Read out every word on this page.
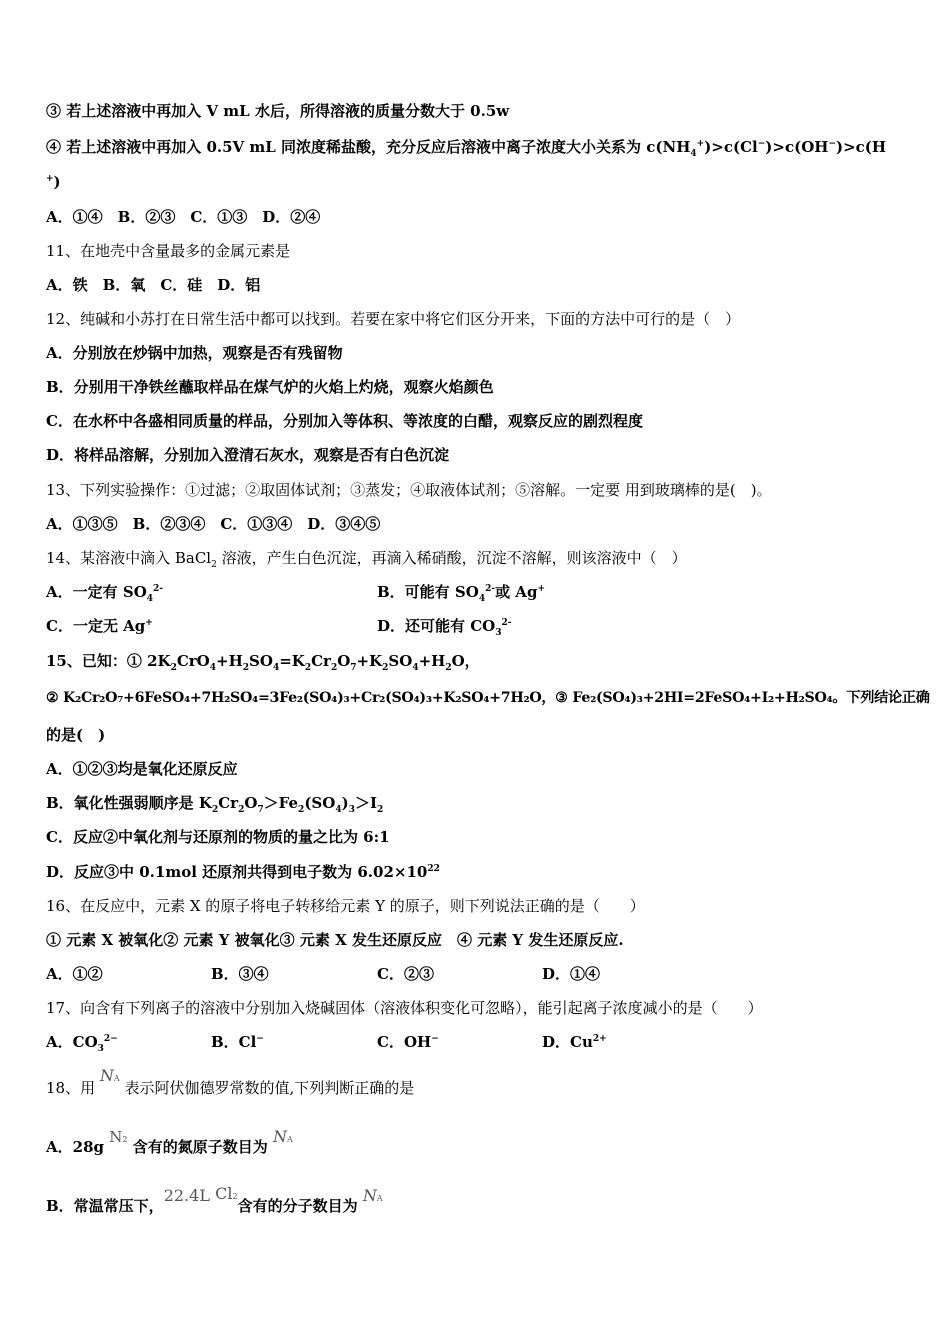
③ 若上述溶液中再加入 V mL 水后，所得溶液的质量分数大于 0.5w
④ 若上述溶液中再加入 0.5V mL 同浓度稀盐酸，充分反应后溶液中离子浓度大小关系为 $c(NH_4^+)>c(Cl^-)>c(OH^-)>c(H$
+)
A．①④　B．②③　C．①③　D．②④
11、在地壳中含量最多的金属元素是
A．铁　B．氧　C．硅　D．铝
12、纯碱和小苏打在日常生活中都可以找到。若要在家中将它们区分开来，下面的方法中可行的是（　）
A．分别放在炒锅中加热，观察是否有残留物
B．分别用干净铁丝蘸取样品在煤气炉的火焰上灼烧，观察火焰颜色
C．在水杯中各盛相同质量的样品，分别加入等体积、等浓度的白醋，观察反应的剧烈程度
D．将样品溶解，分别加入澄清石灰水，观察是否有白色沉淀
13、下列实验操作：①过滤；②取固体试剂；③蒸发；④取液体试剂；⑤溶解。一定要 用到玻璃棒的是(　)。
A．①③⑤　B．②③④　C．①③④　D．③④⑤
14、某溶液中滴入 BaCl$_2$ 溶液，产生白色沉淀，再滴入稀硝酸，沉淀不溶解，则该溶液中（　）
A．一定有 $SO_4^{2-}$	B．可能有 $SO_4^{2-}$或 Ag+
C．一定无 Ag+	D．还可能有 $CO_3^{2-}$
15、已知：① $2K_2CrO_4+H_2SO_4=K_2Cr_2O_7+K_2SO_4+H_2O$，
② K₂Cr₂O₇+6FeSO₄+7H₂SO₄=3Fe₂(SO₄)₃+Cr₂(SO₄)₃+K₂SO₄+7H₂O，③ Fe₂(SO₄)₃+2HI=2FeSO₄+I₂+H₂SO₄。下列结论正确
的是(　)
A．①②③均是氧化还原反应
B．氧化性强弱顺序是 $K_2Cr_2O_7>Fe_2(SO_4)_3>I_2$
C．反应②中氧化剂与还原剂的物质的量之比为 6:1
D．反应③中 0.1mol 还原剂共得到电子数为 $6.02\times 10^{22}$
16、在反应中，元素 X 的原子将电子转移给元素 Y 的原子，则下列说法正确的是（　　）
① 元素 X 被氧化② 元素 Y 被氧化③ 元素 X 发生还原反应　④ 元素 Y 发生还原反应.
A．①②	B．③④	C．②③	D．①④
17、向含有下列离子的溶液中分别加入烧碱固体（溶液体积变化可忽略），能引起离子浓度减小的是（　　）
A．$CO_3^{2-}$	B．Cl−	C．OH−	D．$Cu^{2+}$
18、用 NA 表示阿伏伽德罗常数的值,下列判断正确的是
A．28g N2 含有的氮原子数目为 NA
B．常温常压下，22.4L Cl2含有的分子数目为 NA
